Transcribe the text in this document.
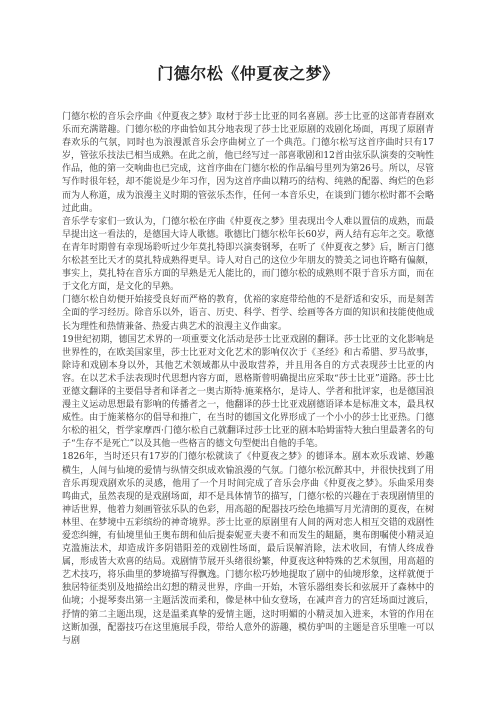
门德尔松《仲夏夜之梦》

门德尔松的音乐会序曲《仲夏夜之梦》取材于莎士比亚的同名喜剧。莎士比亚的这部青春剧欢乐而充满谐趣。门德尔松的序曲恰如其分地表现了莎士比亚原剧的戏剧化场面，再现了原剧青春欢乐的气氛，同时也为浪漫派音乐会序曲树立了一个典范。门德尔松写这首序曲时只有17岁，管弦乐技法已相当成熟。在此之前，他已经写过一部喜歌剧和12首由弦乐队演奏的交响性作品，他的第一交响曲也已完成，这首序曲在门德尔松的作品编号里列为第26号。所以，尽管写作时很年轻，却不能说是少年习作，因为这首序曲以精巧的结构、纯熟的配器、绚烂的色彩而为人称道，成为浪漫主义时期的管弦乐杰作，任何一本音乐史，在谈到门德尔松时都不会略过此曲。

音乐学专家们一致认为，门德尔松在序曲《仲夏夜之梦》里表现出令人难以置信的成熟，而最早提出这一看法的，是德国大诗人歌德。歌德比门德尔松年长60岁，两人结有忘年之交。歌德在青年时期曾有幸现场聆听过少年莫扎特即兴演奏钢琴，在听了《仲夏夜之梦》后，断言门德尔松甚至比天才的莫扎特成熟得更早。诗人对自己的这位少年朋友的赞美之词也许略有偏颇，事实上，莫扎特在音乐方面的早熟是无人能比的，而门德尔松的成熟则不限于音乐方面，而在于文化方面，是文化的早熟。

门德尔松自幼便开始接受良好而严格的教育，优裕的家庭带给他的不是舒适和安乐，而是刻苦全面的学习经历。除音乐以外，语言、历史、科学、哲学、绘画等各方面的知识和技能使他成长为理性和热情兼备、热爱古典艺术的浪漫主义作曲家。

19世纪初期，德国艺术界的一项重要文化活动是莎士比亚戏剧的翻译。莎士比亚的文化影响是世界性的，在欧美国家里，莎士比亚对文化艺术的影响仅次于《圣经》和古希腊、罗马故事，除诗和戏剧本身以外，其他艺术领域都从中汲取营养，并且用各自的方式表现莎士比亚的内容。在以艺术手法表现时代思想内容方面，恩格斯曾明确提出应采取“莎士比亚”道路。莎士比亚德文翻译的主要倡导者和译者之一奥古斯特·施莱格尔，是诗人、学者和批评家，也是德国浪漫主义运动思想最有影响的传播者之一，他翻译的莎士比亚戏剧德语译本是标准文本，最具权威性。由于施莱格尔的倡导和推广，在当时的德国文化界形成了一个小小的莎士比亚热。门德尔松的祖父，哲学家摩西·门德尔松自己就翻译过莎士比亚的剧本哈姆雷特大独白里最著名的句子“生存不是死亡”以及其他一些格言的德文句型便出自他的手笔。

1826年，当时还只有17岁的门德尔松就读了《仲夏夜之梦》的德译本。剧本欢乐戏谑、妙趣横生，人间与仙境的爱情与纵情交织成欢愉浪漫的气氛。门德尔松沉醉其中，并很快找到了用音乐再现戏剧欢乐的灵感，他用了一个月时间完成了音乐会序曲《仲夏夜之梦》。乐曲采用奏鸣曲式，虽然表现的是戏剧场面，却不是具体情节的描写，门德尔松的兴趣在于表现剧情里的神话世界，他着力刻画管弦乐队的色彩，用高超的配器技巧绘色地描写月光清朗的夏夜，在树林里、在梦境中五彩缤纷的神奇境界。莎士比亚的原剧里有人间的两对恋人相互交错的戏剧性爱恋纠缠，有仙境里仙王奥布朗和仙后提泰妮亚夫妻不和而发生的龃龉，奥布朗嘱使小精灵迫克滥施法术，却造成许多阴错阳差的戏剧性场面，最后误解消除，法术收回，有情人终成眷属，形成皆大欢喜的结局。戏剧情节展开头绪很纷繁，仲夏夜这种特殊的艺术氛围，用高超的艺术技巧，将乐曲里的梦境描写得飘逸。门德尔松巧妙地提取了剧中的仙境形象，这样就便于独居特征类别及地描绘出幻想的精灵世界，序曲一开始，木管乐器组奏长和弦展开了森林中的仙境；小提琴奏出第一主题活泼而柔和，像是林中仙女登场，在减声音力的宫廷场面过渡后，抒情的第二主题出现，这是温柔真挚的爱情主题，这时明媚的小精灵加入进来，木管的作用在这断加强，配器技巧在这里施展手段，带给人意外的游趣，模仿驴叫的主题是音乐里唯一可以与剧
